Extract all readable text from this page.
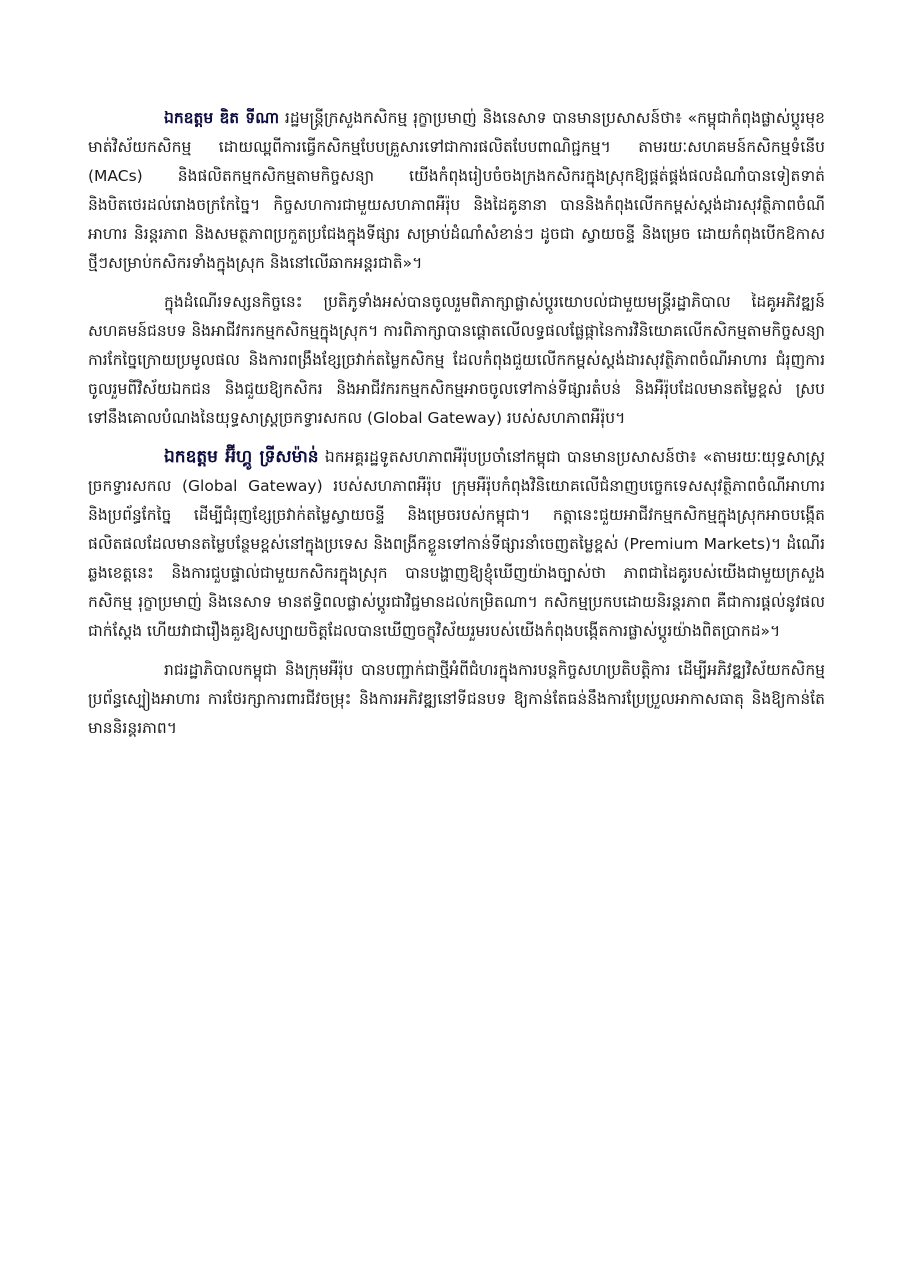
ឯកឧត្តម ឌិត ទីណា រដ្ឋមន្ត្រីក្រសួងកសិកម្ម រុក្ខាប្រមាញ់ និងនេសាទ បានមានប្រសាសន៍ថា៖ «កម្ពុជាកំពុងផ្លាស់ប្តូរមុខមាត់វិស័យកសិកម្ម ដោយឈ្ពពីការធ្វើកសិកម្មបែបគ្រួសារទៅជាការផលិតបែបពាណិជ្ជកម្ម។ តាមរយៈសហគមន៍កសិកម្មទំនើប (MACs) និងផលិតកម្មកសិកម្មតាមកិច្ចសន្យា យើងកំពុងរៀបចំចងក្រងកសិករក្នុងស្រុកឱ្យផ្គត់ផ្គង់ផលដំណាំបានទៀតទាត់ និងបិតថេរដល់រោងចក្រកែច្នៃ។ កិច្ចសហការជាមួយសហភាពអឺរ៉ុប និងដៃគូនានា បាននិងកំពុងលើកកម្ពស់ស្តង់ដារសុវត្ថិភាពចំណីអាហារ និរន្តរភាព និងសមត្ថភាពប្រកួតប្រជែងក្នុងទីផ្សារ សម្រាប់ដំណាំសំខាន់ៗ ដូចជា ស្វាយចន្ទី និងម្រេច ដោយកំពុងបើកឱកាសថ្មីៗសម្រាប់កសិករទាំងក្នុងស្រុក និងនៅលើឆាកអន្តរជាតិ»។

ក្នុងដំណើរទស្សនកិច្ចនេះ ប្រតិភូទាំងអស់បានចូលរួមពិភាក្សាផ្លាស់ប្តូរយោបល់ជាមួយមន្ត្រីរដ្ឋាភិបាល ដៃគូអភិវឌ្ឍន៍ សហគមន៍ជនបទ និងអាជីវករកម្មកសិកម្មក្នុងស្រុក។ ការពិភាក្សាបានផ្តោតលើលទ្ធផលផ្លែផ្កានៃការវិនិយោគលើកសិកម្មតាមកិច្ចសន្យា ការកែច្នៃក្រោយប្រមូលផល និងការពង្រឹងខ្សែច្រវាក់តម្លៃកសិកម្ម ដែលកំពុងជួយលើកកម្ពស់ស្តង់ដារសុវត្ថិភាពចំណីអាហារ ជំរុញការចូលរួមពីវិស័យឯកជន និងជួយឱ្យកសិករ និងអាជីវករកម្មកសិកម្មអាចចូលទៅកាន់ទីផ្សារតំបន់ និងអឺរ៉ុបដែលមានតម្លៃខ្ពស់ ស្របទៅនឹងគោលបំណងនៃយុទ្ធសាស្ត្រច្រកទ្វារសកល (Global Gateway) របស់សហភាពអឺរ៉ុប។

ឯកឧត្តម អ៊ីហ្គូ ទ្រីសម៉ាន់ ឯកអគ្គរដ្ឋទូតសហភាពអឺរ៉ុបប្រចាំនៅកម្ពុជា បានមានប្រសាសន៍ថា៖ «តាមរយៈយុទ្ធសាស្ត្រច្រកទ្វារសកល (Global Gateway) របស់សហភាពអឺរ៉ុប ក្រុមអឺរ៉ុបកំពុងវិនិយោគលើជំនាញបច្ចេកទេសសុវត្ថិភាពចំណីអាហារ និងប្រព័ន្ធកែច្នៃ ដើម្បីជំរុញខ្សែច្រវាក់តម្លៃស្វាយចន្ទី និងម្រេចរបស់កម្ពុជា។ កត្តានេះជួយអាជីវកម្មកសិកម្មក្នុងស្រុកអាចបង្កើតផលិតផលដែលមានតម្លៃបន្ថែមខ្ពស់នៅក្នុងប្រទេស និងពង្រីកខ្លួនទៅកាន់ទីផ្សារនាំចេញតម្លៃខ្ពស់ (Premium Markets)។ ដំណើរឆ្លងខេត្តនេះ និងការជួបផ្ទាល់ជាមួយកសិករក្នុងស្រុក បានបង្ហាញឱ្យខ្ញុំឃើញយ៉ាងច្បាស់ថា ភាពជាដៃគូរបស់យើងជាមួយក្រសួងកសិកម្ម រុក្ខាប្រមាញ់ និងនេសាទ មានឥទ្ធិពលផ្លាស់ប្តូរជាវិជ្ជមានដល់កម្រិតណា។ កសិកម្មប្រកបដោយនិរន្តរភាព គឺជាការផ្តល់នូវផលជាក់ស្តែង ហើយវាជារឿងគួរឱ្យសប្បាយចិត្តដែលបានឃើញចក្ខុវិស័យរួមរបស់យើងកំពុងបង្កើតការផ្លាស់ប្តូរយ៉ាងពិតប្រាកដ»។

រាជរដ្ឋាភិបាលកម្ពុជា និងក្រុមអឺរ៉ុប បានបញ្ជាក់ជាថ្មីអំពីជំហរក្នុងការបន្តកិច្ចសហប្រតិបត្តិការ ដើម្បីអភិវឌ្ឍវិស័យកសិកម្ម ប្រព័ន្ធស្បៀងអាហារ ការថែរក្សាការពារជីវចម្រុះ និងការអភិវឌ្ឍនៅទីជនបទ ឱ្យកាន់តែធន់នឹងការប្រែប្រួលអាកាសធាតុ និងឱ្យកាន់តែមាននិរន្តរភាព។
